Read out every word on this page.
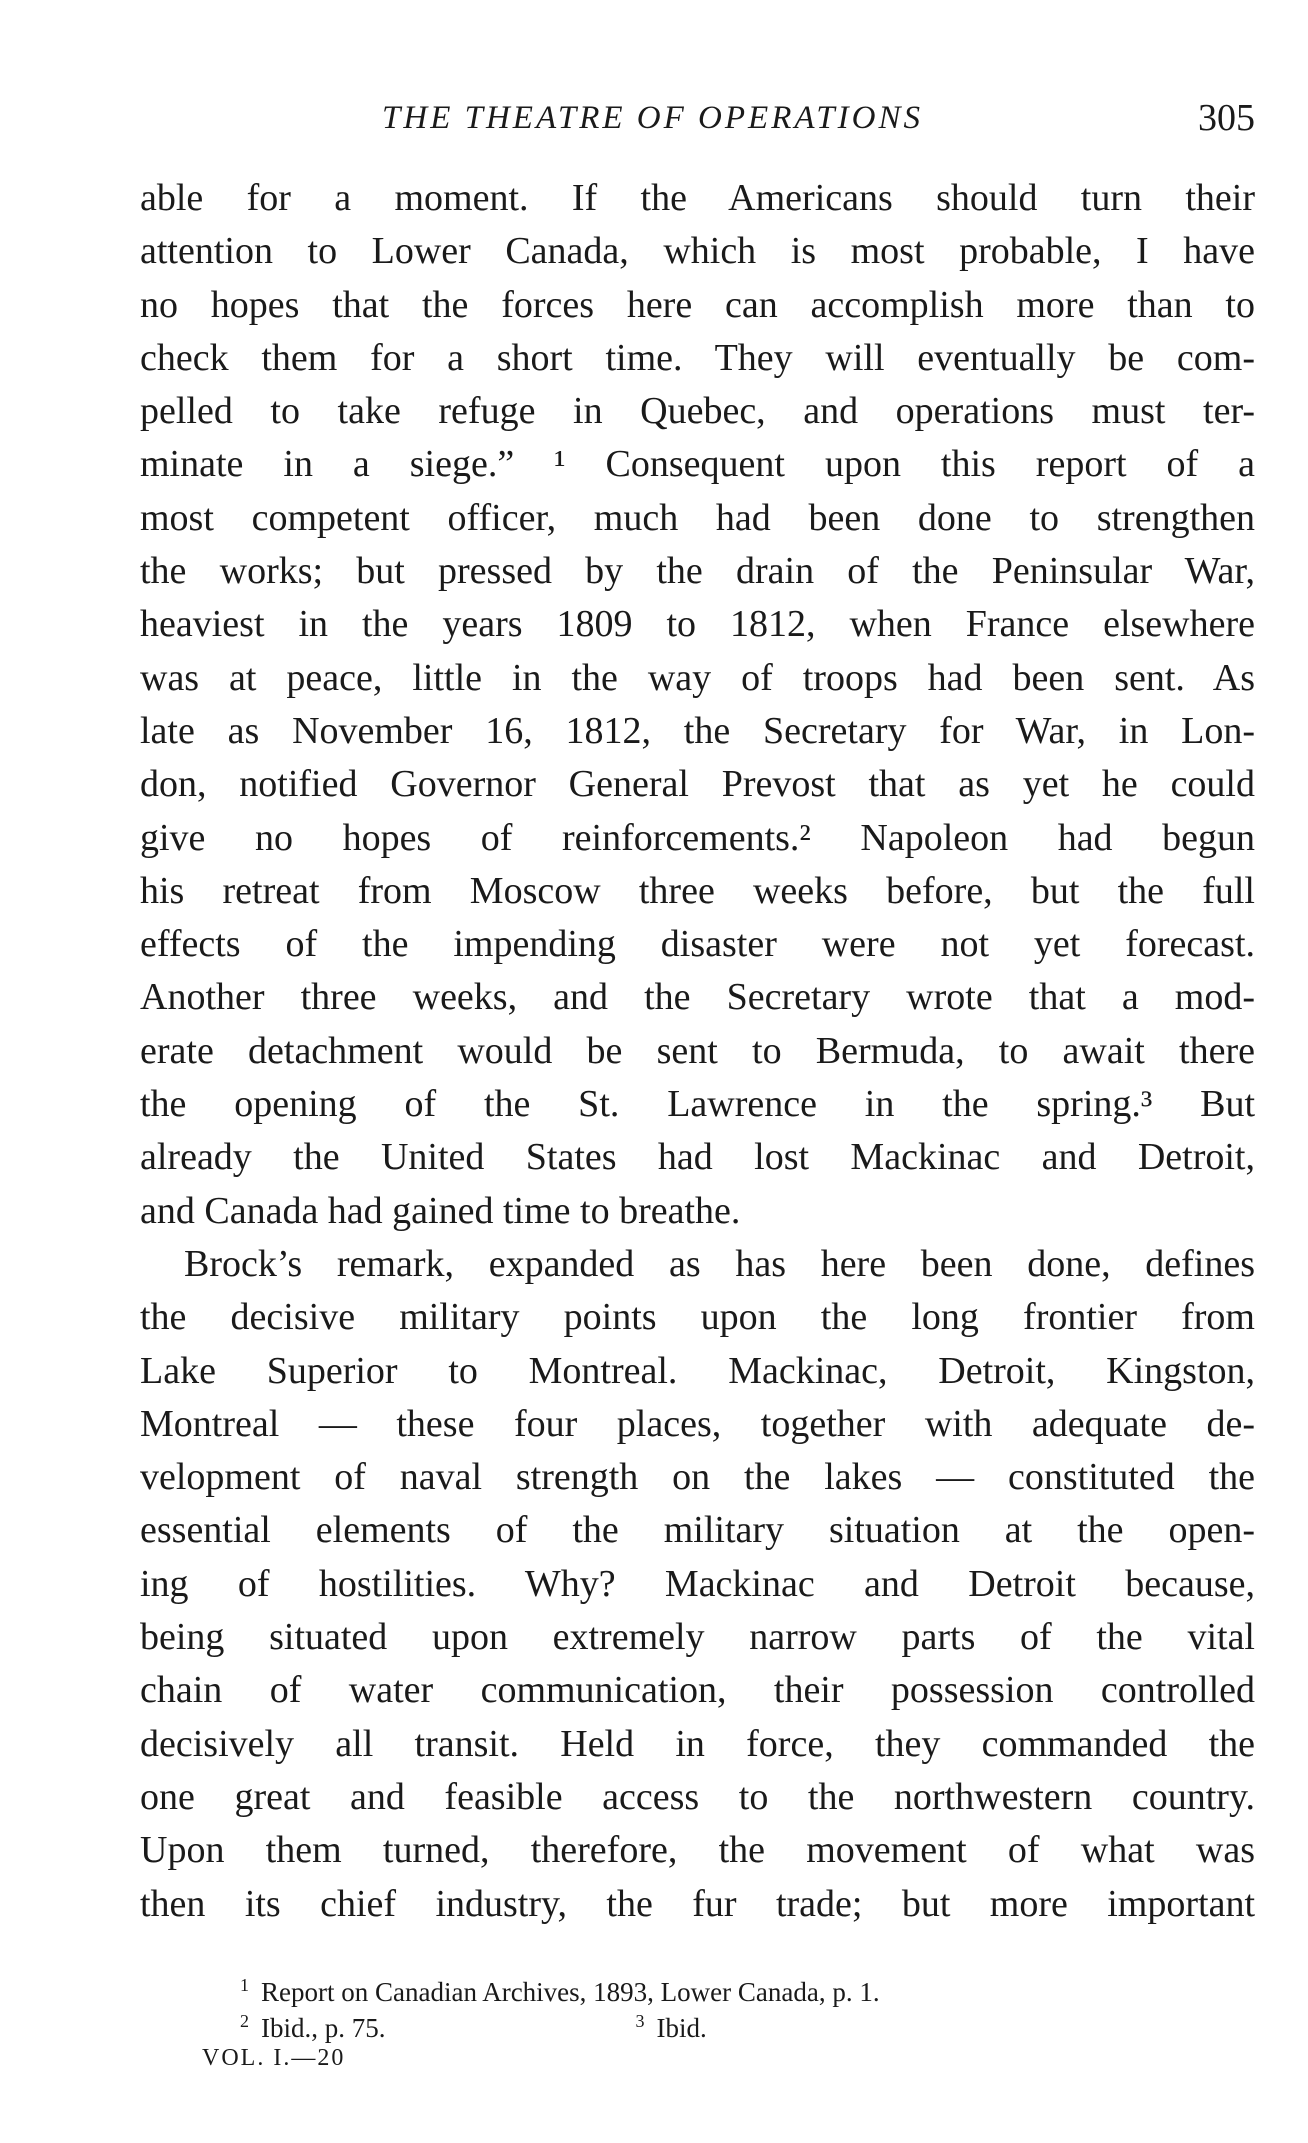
THE THEATRE OF OPERATIONS	305
able for a moment. If the Americans should turn their
attention to Lower Canada, which is most probable, I have
no hopes that the forces here can accomplish more than to
check them for a short time. They will eventually be com-
pelled to take refuge in Quebec, and operations must ter-
minate in a siege.” ¹ Consequent upon this report of a
most competent officer, much had been done to strengthen
the works; but pressed by the drain of the Peninsular War,
heaviest in the years 1809 to 1812, when France elsewhere
was at peace, little in the way of troops had been sent. As
late as November 16, 1812, the Secretary for War, in Lon-
don, notified Governor General Prevost that as yet he could
give no hopes of reinforcements.² Napoleon had begun
his retreat from Moscow three weeks before, but the full
effects of the impending disaster were not yet forecast.
Another three weeks, and the Secretary wrote that a mod-
erate detachment would be sent to Bermuda, to await there
the opening of the St. Lawrence in the spring.³ But
already the United States had lost Mackinac and Detroit,
and Canada had gained time to breathe.
Brock’s remark, expanded as has here been done, defines
the decisive military points upon the long frontier from
Lake Superior to Montreal. Mackinac, Detroit, Kingston,
Montreal — these four places, together with adequate de-
velopment of naval strength on the lakes — constituted the
essential elements of the military situation at the open-
ing of hostilities. Why? Mackinac and Detroit because,
being situated upon extremely narrow parts of the vital
chain of water communication, their possession controlled
decisively all transit. Held in force, they commanded the
one great and feasible access to the northwestern country.
Upon them turned, therefore, the movement of what was
then its chief industry, the fur trade; but more important
$^1$ Report on Canadian Archives, 1893, Lower Canada, p. 1.
$^2$ Ibid., p. 75.	$^3$ Ibid.
VOL. I.—20
